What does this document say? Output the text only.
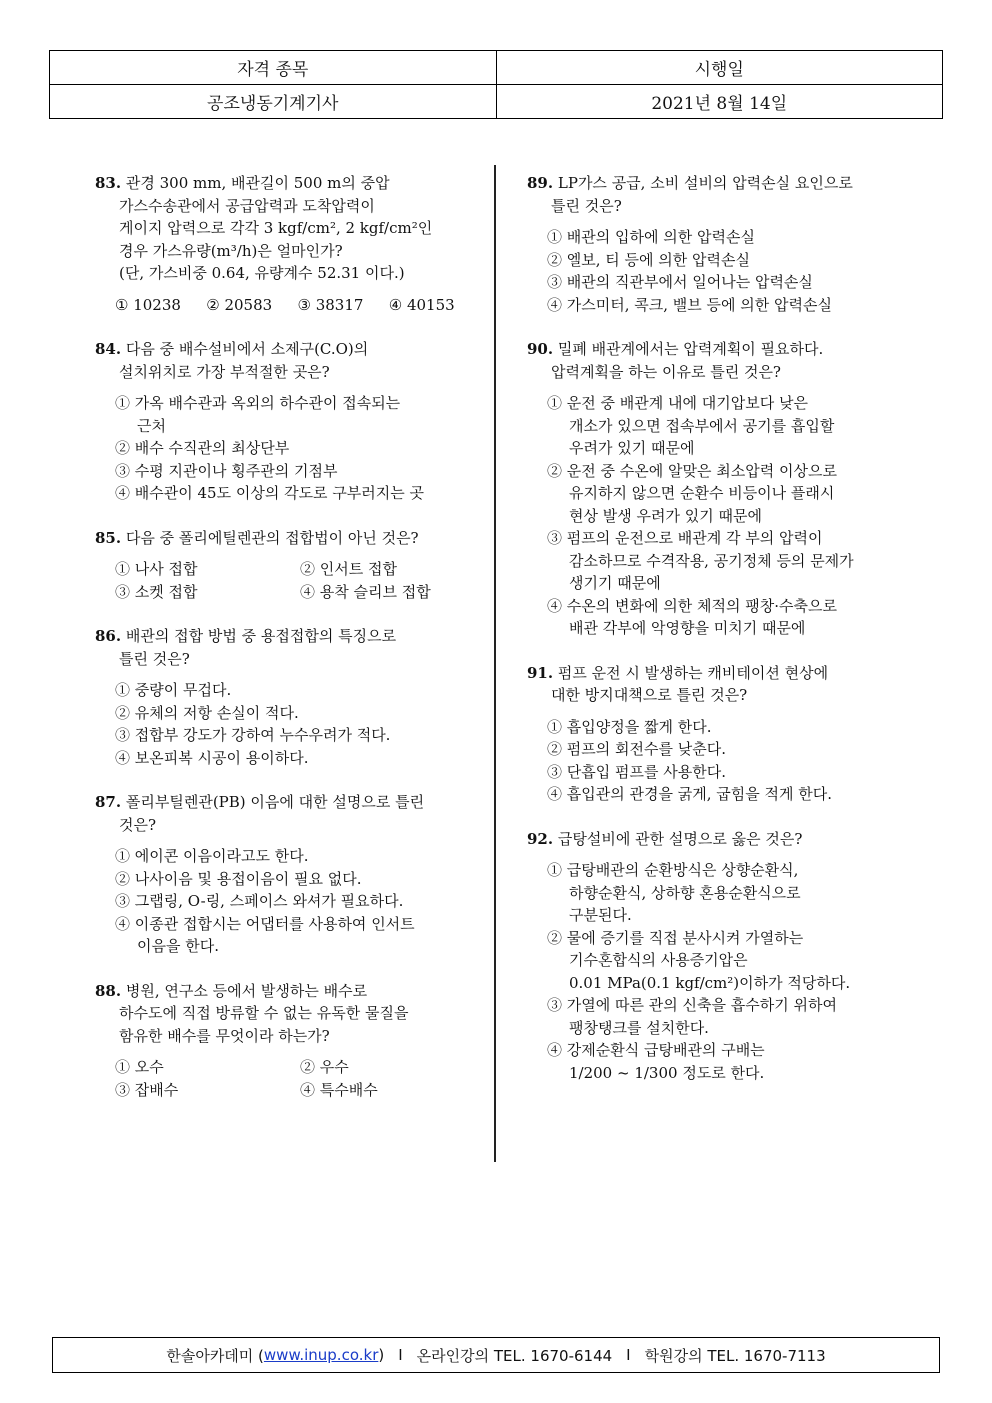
자격 종목	시행일
공조냉동기계기사	2021년 8월 14일
83. 관경 300 mm, 배관길이 500 m의 중압
가스수송관에서 공급압력과 도착압력이
게이지 압력으로 각각 3 kgf/cm², 2 kgf/cm²인
경우 가스유량(m³/h)은 얼마인가?
(단, 가스비중 0.64, 유량계수 52.31 이다.)
① 10238	② 20583	③ 38317	④ 40153
84. 다음 중 배수설비에서 소제구(C.O)의
설치위치로 가장 부적절한 곳은?
① 가옥 배수관과 옥외의 하수관이 접속되는
근처
② 배수 수직관의 최상단부
③ 수평 지관이나 횡주관의 기점부
④ 배수관이 45도 이상의 각도로 구부러지는 곳
85. 다음 중 폴리에틸렌관의 접합법이 아닌 것은?
① 나사 접합	② 인서트 접합
③ 소켓 접합	④ 용착 슬리브 접합
86. 배관의 접합 방법 중 용접접합의 특징으로
틀린 것은?
① 중량이 무겁다.
② 유체의 저항 손실이 적다.
③ 접합부 강도가 강하여 누수우려가 적다.
④ 보온피복 시공이 용이하다.
87. 폴리부틸렌관(PB) 이음에 대한 설명으로 틀린
것은?
① 에이콘 이음이라고도 한다.
② 나사이음 및 용접이음이 필요 없다.
③ 그랩링, O-링, 스페이스 와셔가 필요하다.
④ 이종관 접합시는 어댑터를 사용하여 인서트
이음을 한다.
88. 병원, 연구소 등에서 발생하는 배수로
하수도에 직접 방류할 수 없는 유독한 물질을
함유한 배수를 무엇이라 하는가?
① 오수	② 우수
③ 잡배수	④ 특수배수
89. LP가스 공급, 소비 설비의 압력손실 요인으로
틀린 것은?
① 배관의 입하에 의한 압력손실
② 엘보, 티 등에 의한 압력손실
③ 배관의 직관부에서 일어나는 압력손실
④ 가스미터, 콕크, 밸브 등에 의한 압력손실
90. 밀폐 배관계에서는 압력계획이 필요하다.
압력계획을 하는 이유로 틀린 것은?
① 운전 중 배관계 내에 대기압보다 낮은
개소가 있으면 접속부에서 공기를 흡입할
우려가 있기 때문에
② 운전 중 수온에 알맞은 최소압력 이상으로
유지하지 않으면 순환수 비등이나 플래시
현상 발생 우려가 있기 때문에
③ 펌프의 운전으로 배관계 각 부의 압력이
감소하므로 수격작용, 공기정체 등의 문제가
생기기 때문에
④ 수온의 변화에 의한 체적의 팽창·수축으로
배관 각부에 악영향을 미치기 때문에
91. 펌프 운전 시 발생하는 캐비테이션 현상에
대한 방지대책으로 틀린 것은?
① 흡입양정을 짧게 한다.
② 펌프의 회전수를 낮춘다.
③ 단흡입 펌프를 사용한다.
④ 흡입관의 관경을 굵게, 굽힘을 적게 한다.
92. 급탕설비에 관한 설명으로 옳은 것은?
① 급탕배관의 순환방식은 상향순환식,
하향순환식, 상하향 혼용순환식으로
구분된다.
② 물에 증기를 직접 분사시켜 가열하는
기수혼합식의 사용증기압은
0.01 MPa(0.1 kgf/cm²)이하가 적당하다.
③ 가열에 따른 관의 신축을 흡수하기 위하여
팽창탱크를 설치한다.
④ 강제순환식 급탕배관의 구배는
1/200 ~ 1/300 정도로 한다.
한솔아카데미 ( www.inup.co.kr ) I 온라인강의 TEL. 1670-6144 I 학원강의 TEL. 1670-7113
